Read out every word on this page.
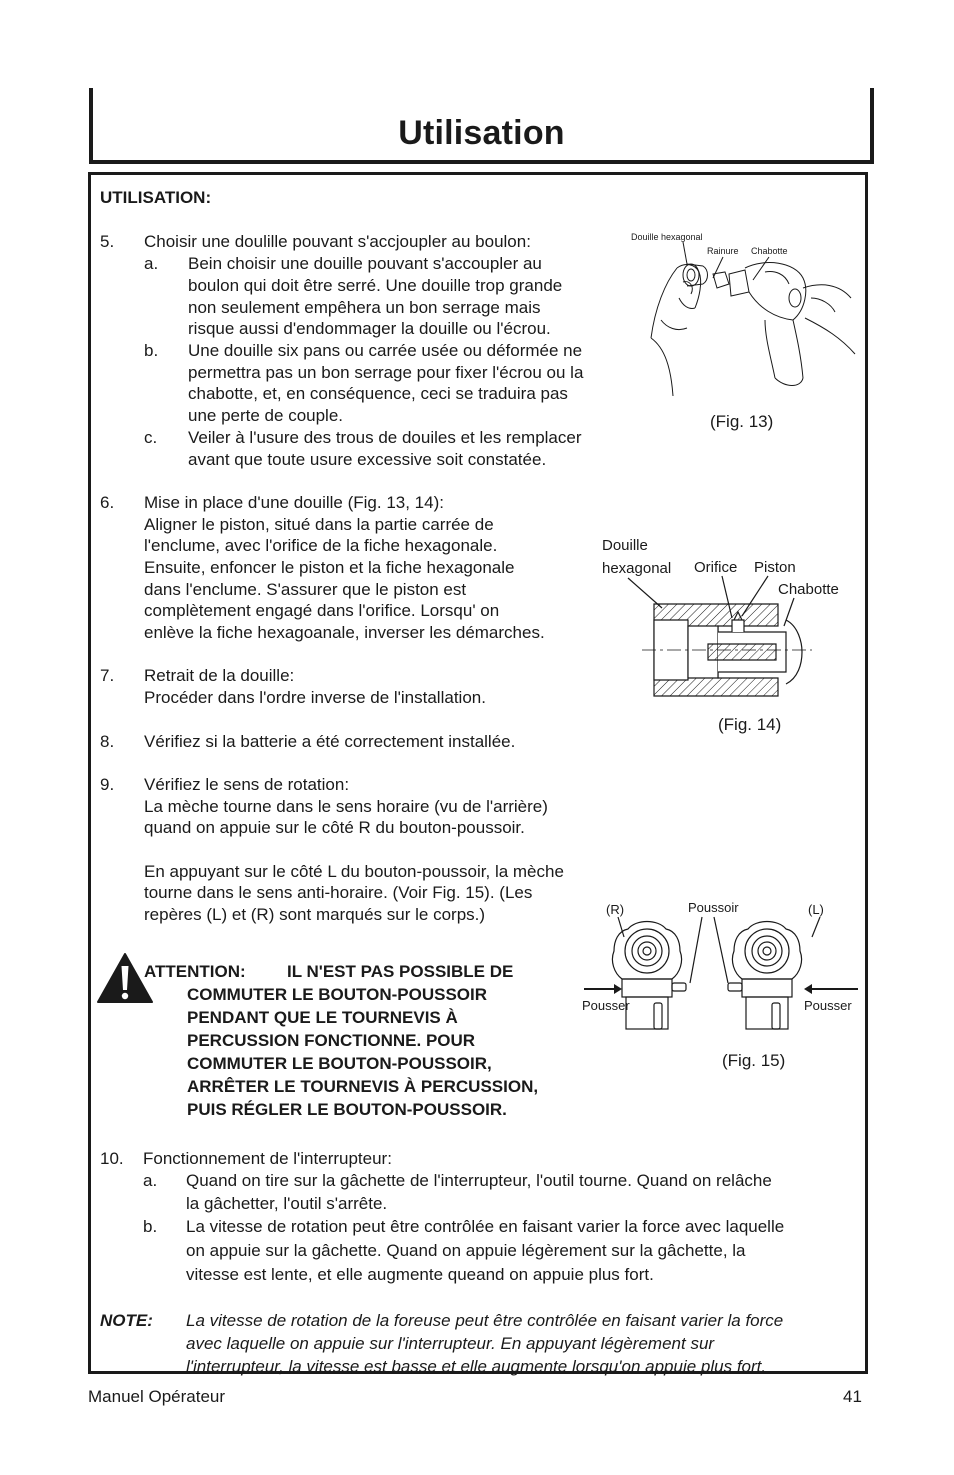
Utilisation
UTILISATION:
5. Choisir une doulille pouvant s'accjoupler au boulon:
a. Bein choisir une douille pouvant s'accoupler au
boulon qui doit être serré. Une douille trop grande
non seulement empêhera un bon serrage mais
risque aussi d'endommager la douille ou l'écrou.
b. Une douille six pans ou carrée usée ou déformée ne
permettra pas un bon serrage pour fixer l'écrou ou la
chabotte, et, en conséquence, ceci se traduira pas
une perte de couple.
c. Veiler à l'usure des trous de douiles et les remplacer
avant que toute usure excessive soit constatée.
6. Mise in place d'une douille (Fig. 13, 14):
Aligner le piston, situé dans la partie carrée de
l'enclume, avec l'orifice de la fiche hexagonale.
Ensuite, enfoncer le piston et la fiche hexagonale
dans l'enclume. S'assurer que le piston est
complètement engagé dans l'orifice. Lorsqu' on
enlève la fiche hexagoanale, inverser les démarches.
7. Retrait de la douille:
Procéder dans l'ordre inverse de l'installation.
8. Vérifiez si la batterie a été correctement installée.
9. Vérifiez le sens de rotation:
La mèche tourne dans le sens horaire (vu de l'arrière)
quand on appuie sur le côté R du bouton-poussoir.
En appuyant sur le côté L du bouton-poussoir, la mèche
tourne dans le sens anti-horaire. (Voir Fig. 15). (Les
repères (L) et (R) sont marqués sur le corps.)
ATTENTION: IL N'EST PAS POSSIBLE DE
COMMUTER LE BOUTON-POUSSOIR
PENDANT QUE LE TOURNEVIS À
PERCUSSION FONCTIONNE. POUR
COMMUTER LE BOUTON-POUSSOIR,
ARRÊTER LE TOURNEVIS À PERCUSSION,
PUIS RÉGLER LE BOUTON-POUSSOIR.
10. Fonctionnement de l'interrupteur:
a. Quand on tire sur la gâchette de l'interrupteur, l'outil tourne. Quand on relâche
la gâchetter, l'outil s'arrête.
b. La vitesse de rotation peut être contrôlée en faisant varier la force avec laquelle
on appuie sur la gâchette. Quand on appuie légèrement sur la gâchette, la
vitesse est lente, et elle augmente queand on appuie plus fort.
NOTE: La vitesse de rotation de la foreuse peut être contrôlée en faisant varier la force
avec laquelle on appuie sur l'interrupteur. En appuyant légèrement sur
l'interrupteur, la vitesse est basse et elle augmente lorsqu'on appuie plus fort.
Douille hexagonal
Rainure Chabotte
(Fig. 13)
Douille
hexagonal Orifice Piston
Chabotte
(Fig. 14)
(R)	Poussoir	(L)
Pousser	Pousser
(Fig. 15)
Manuel Opérateur	41
